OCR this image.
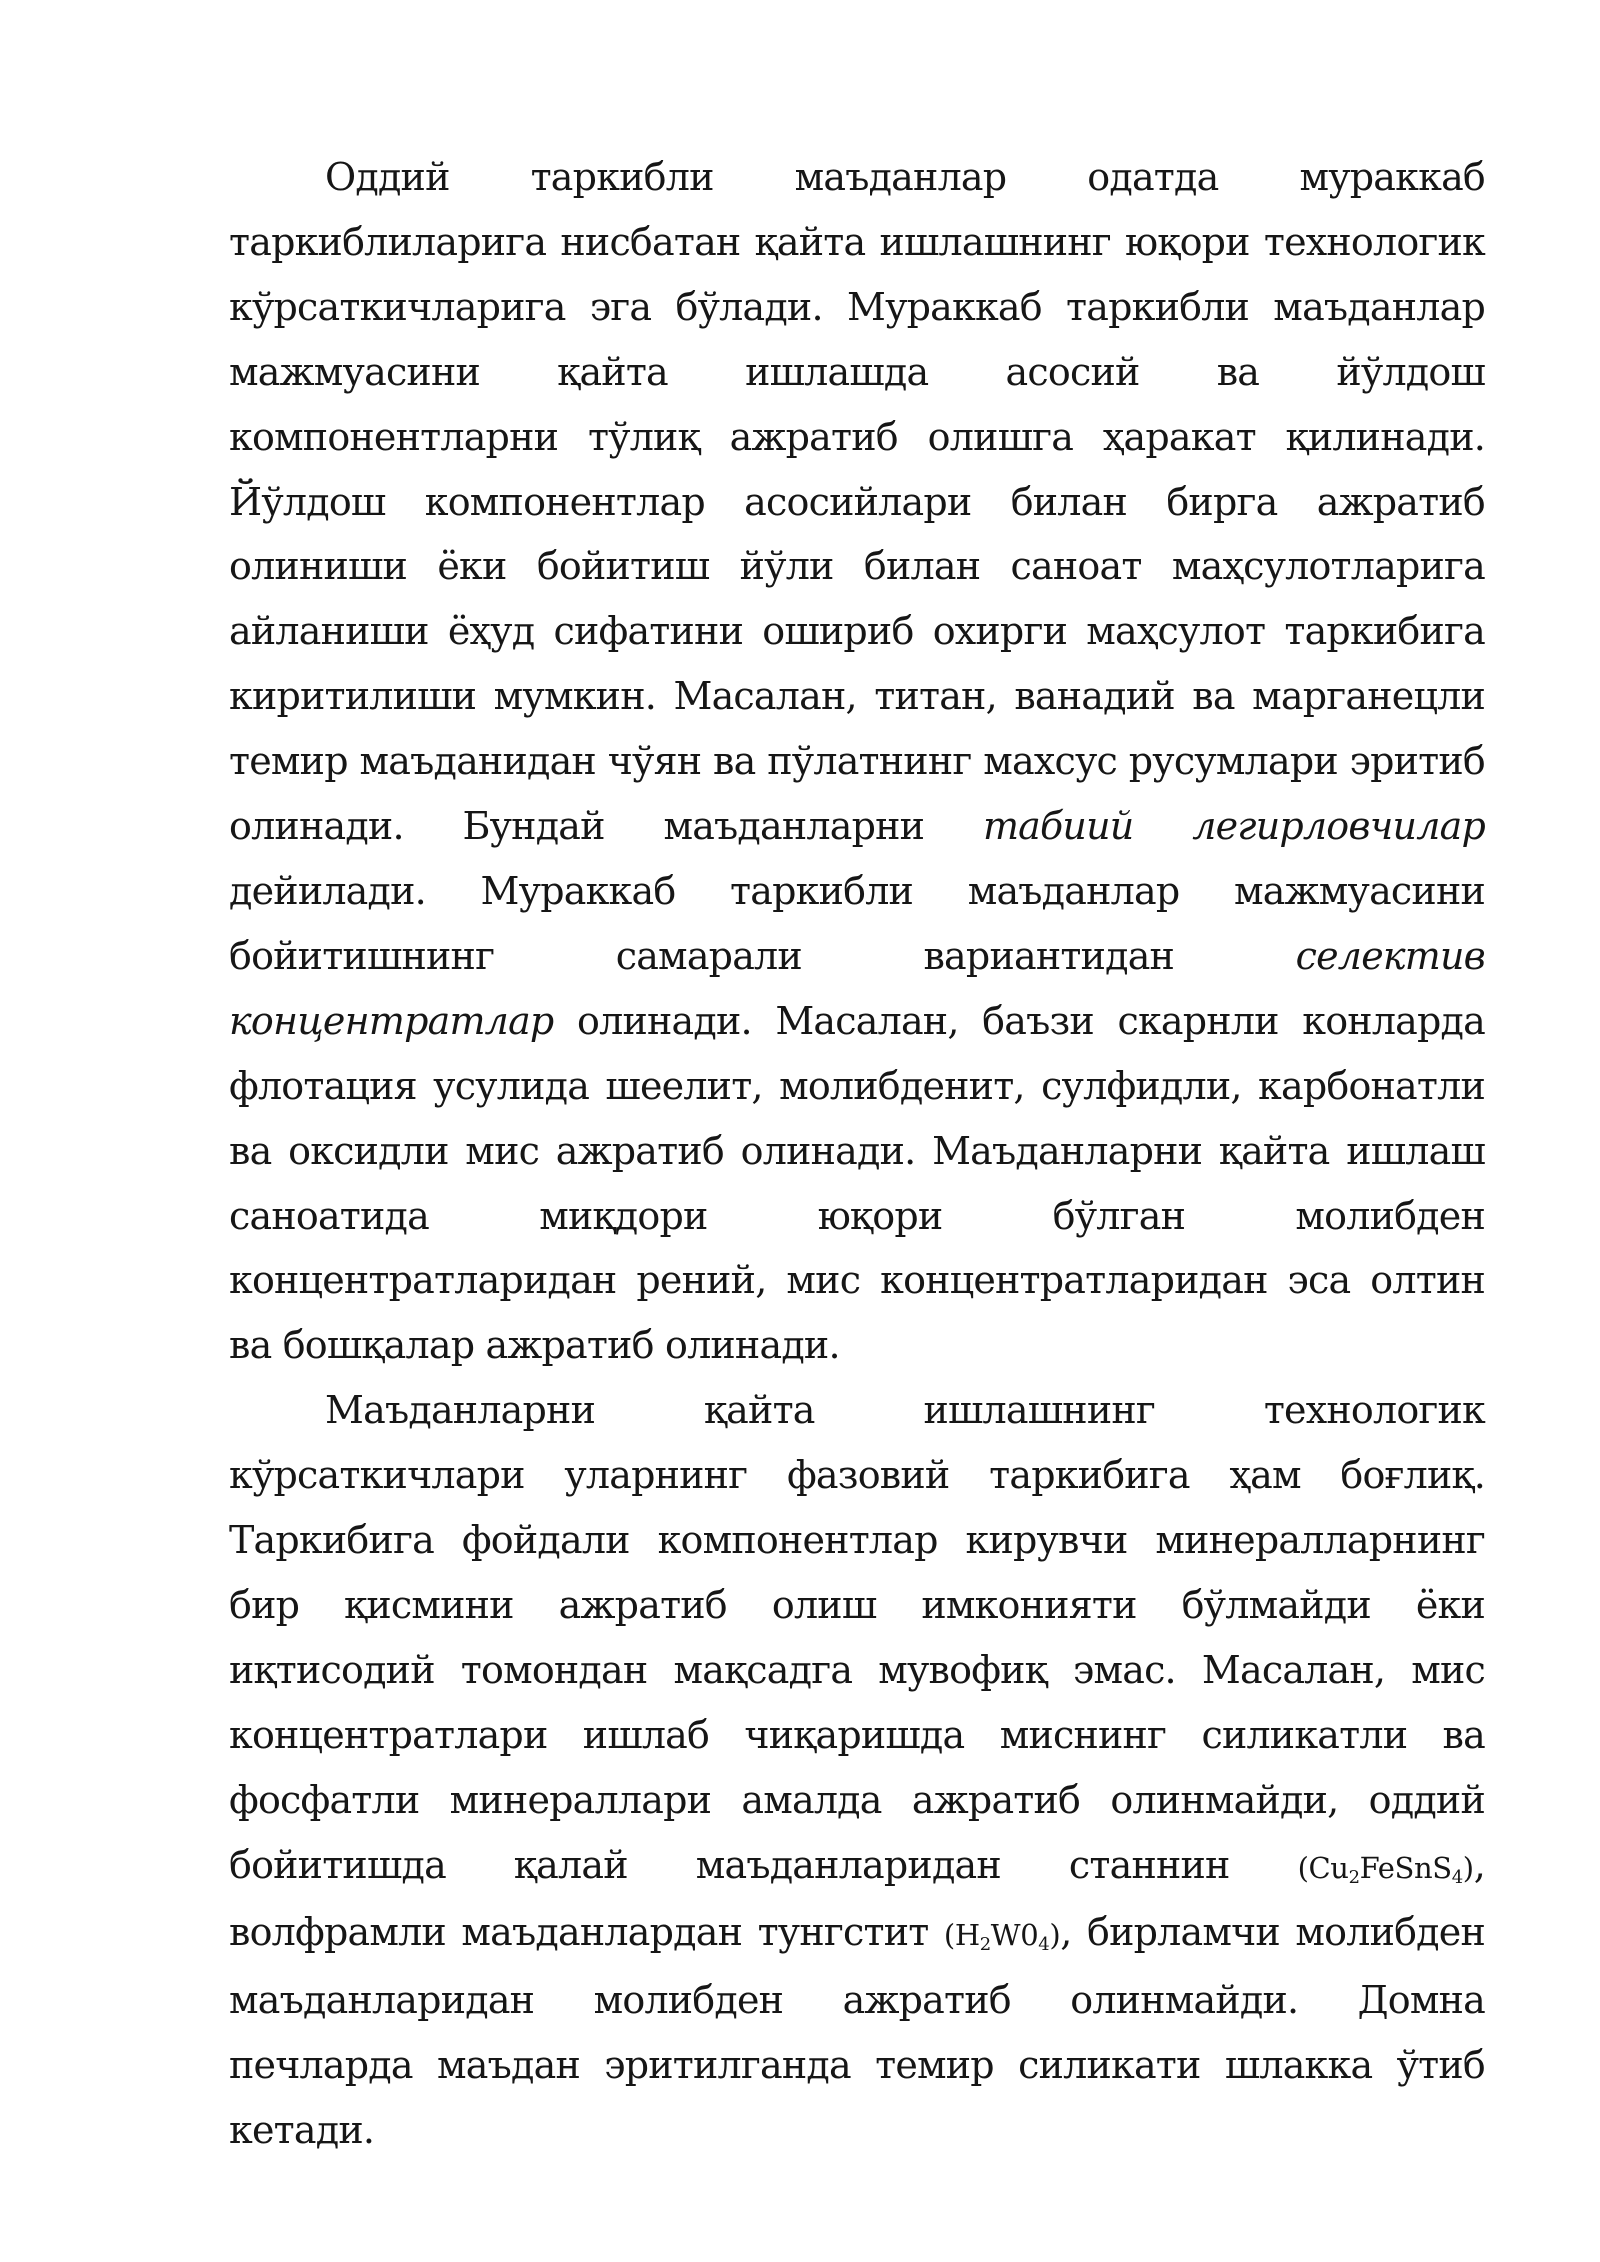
Оддий таркибли маъданлар одатда мураккаб таркиблиларига нисбатан қайта ишлашнинг юқори технологик кўрсаткичларига эга бўлади. Мураккаб таркибли маъданлар мажмуасини қайта ишлашда асосий ва йўлдош компонентларни тўлиқ ажратиб олишга ҳаракат қилинади. Йўлдош компонентлар асосийлари билан бирга ажратиб олиниши ёки бойитиш йўли билан саноат маҳсулотларига айланиши ёҳуд сифатини ошириб охирги маҳсулот таркибига киритилиши мумкин. Масалан, титан, ванадий ва марганецли темир маъданидан чўян ва пўлатнинг махсус русумлари эритиб олинади. Бундай маъданларни табиий легирловчилар дейилади. Мураккаб таркибли маъданлар мажмуасини бойитишнинг самарали вариантидан селектив концентратлар олинади. Масалан, баъзи скарнли конларда флотация усулида шеелит, молибденит, сулфидли, карбонатли ва оксидли мис ажратиб олинади. Маъданларни қайта ишлаш саноатида миқдори юқори бўлган молибден концентратларидан рений, мис концентратларидан эса олтин ва бошқалар ажратиб олинади.

Маъданларни қайта ишлашнинг технологик кўрсаткичлари уларнинг фазовий таркибига ҳам боғлиқ. Таркибига фойдали компонентлар кирувчи минералларнинг бир қисмини ажратиб олиш имконияти бўлмайди ёки иқтисодий томондан мақсадга мувофиқ эмас. Масалан, мис концентратлари ишлаб чиқаришда миснинг силикатли ва фосфатли минераллари амалда ажратиб олинмайди, оддий бойитишда қалай маъданларидан станнин $(Cu_2FeSnS_4)$, волфрамли маъданлардан тунгстит $(H_2W0_4)$, бирламчи молибден маъданларидан молибден ажратиб олинмайди. Домна печларда маъдан эритилганда темир силикати шлакка ўтиб кетади.
